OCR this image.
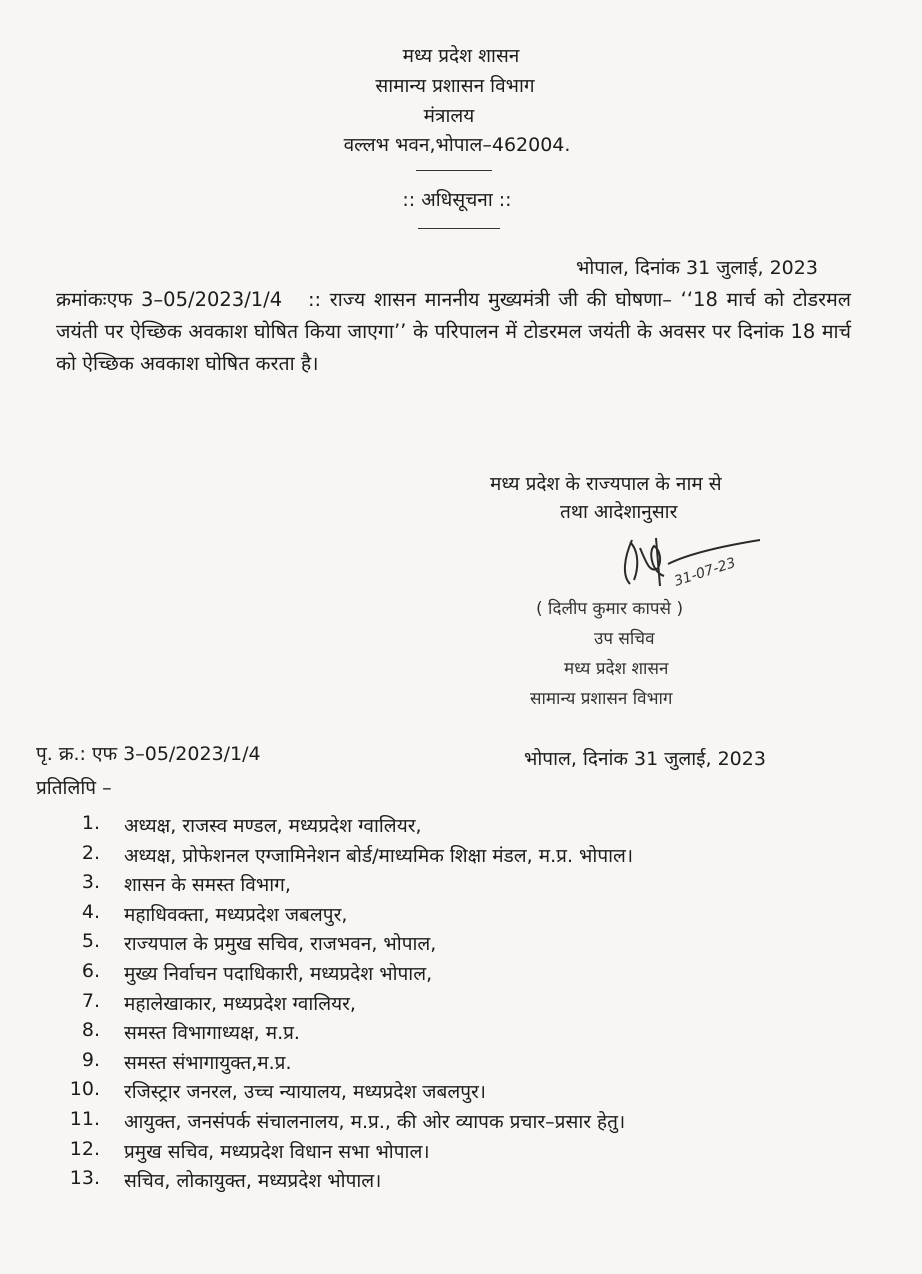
मध्य प्रदेश शासन
सामान्य प्रशासन विभाग
मंत्रालय
वल्लभ भवन,भोपाल–462004.
:: अधिसूचना ::
भोपाल, दिनांक 31 जुलाई, 2023
क्रमांकःएफ 3–05/2023/1/4 :: राज्य शासन माननीय मुख्यमंत्री जी की घोषणा– ‘‘18 मार्च को टोडरमल जयंती पर ऐच्छिक अवकाश घोषित किया जाएगा’’ के परिपालन में टोडरमल जयंती के अवसर पर दिनांक 18 मार्च को ऐच्छिक अवकाश घोषित करता है।
मध्य प्रदेश के राज्यपाल के नाम से
तथा आदेशानुसार
31-07-23
( दिलीप कुमार कापसे )
उप सचिव
मध्य प्रदेश शासन
सामान्य प्रशासन विभाग
पृ. क्र.: एफ 3–05/2023/1/4	भोपाल, दिनांक 31 जुलाई, 2023
प्रतिलिपि –
1. अध्यक्ष, राजस्व मण्डल, मध्यप्रदेश ग्वालियर,
2. अध्यक्ष, प्रोफेशनल एग्जामिनेशन बोर्ड/माध्यमिक शिक्षा मंडल, म.प्र. भोपाल।
3. शासन के समस्त विभाग,
4. महाधिवक्ता, मध्यप्रदेश जबलपुर,
5. राज्यपाल के प्रमुख सचिव, राजभवन, भोपाल,
6. मुख्य निर्वाचन पदाधिकारी, मध्यप्रदेश भोपाल,
7. महालेखाकार, मध्यप्रदेश ग्वालियर,
8. समस्त विभागाध्यक्ष, म.प्र.
9. समस्त संभागायुक्त,म.प्र.
10. रजिस्ट्रार जनरल, उच्च न्यायालय, मध्यप्रदेश जबलपुर।
11. आयुक्त, जनसंपर्क संचालनालय, म.प्र., की ओर व्यापक प्रचार–प्रसार हेतु।
12. प्रमुख सचिव, मध्यप्रदेश विधान सभा भोपाल।
13. सचिव, लोकायुक्त, मध्यप्रदेश भोपाल।
